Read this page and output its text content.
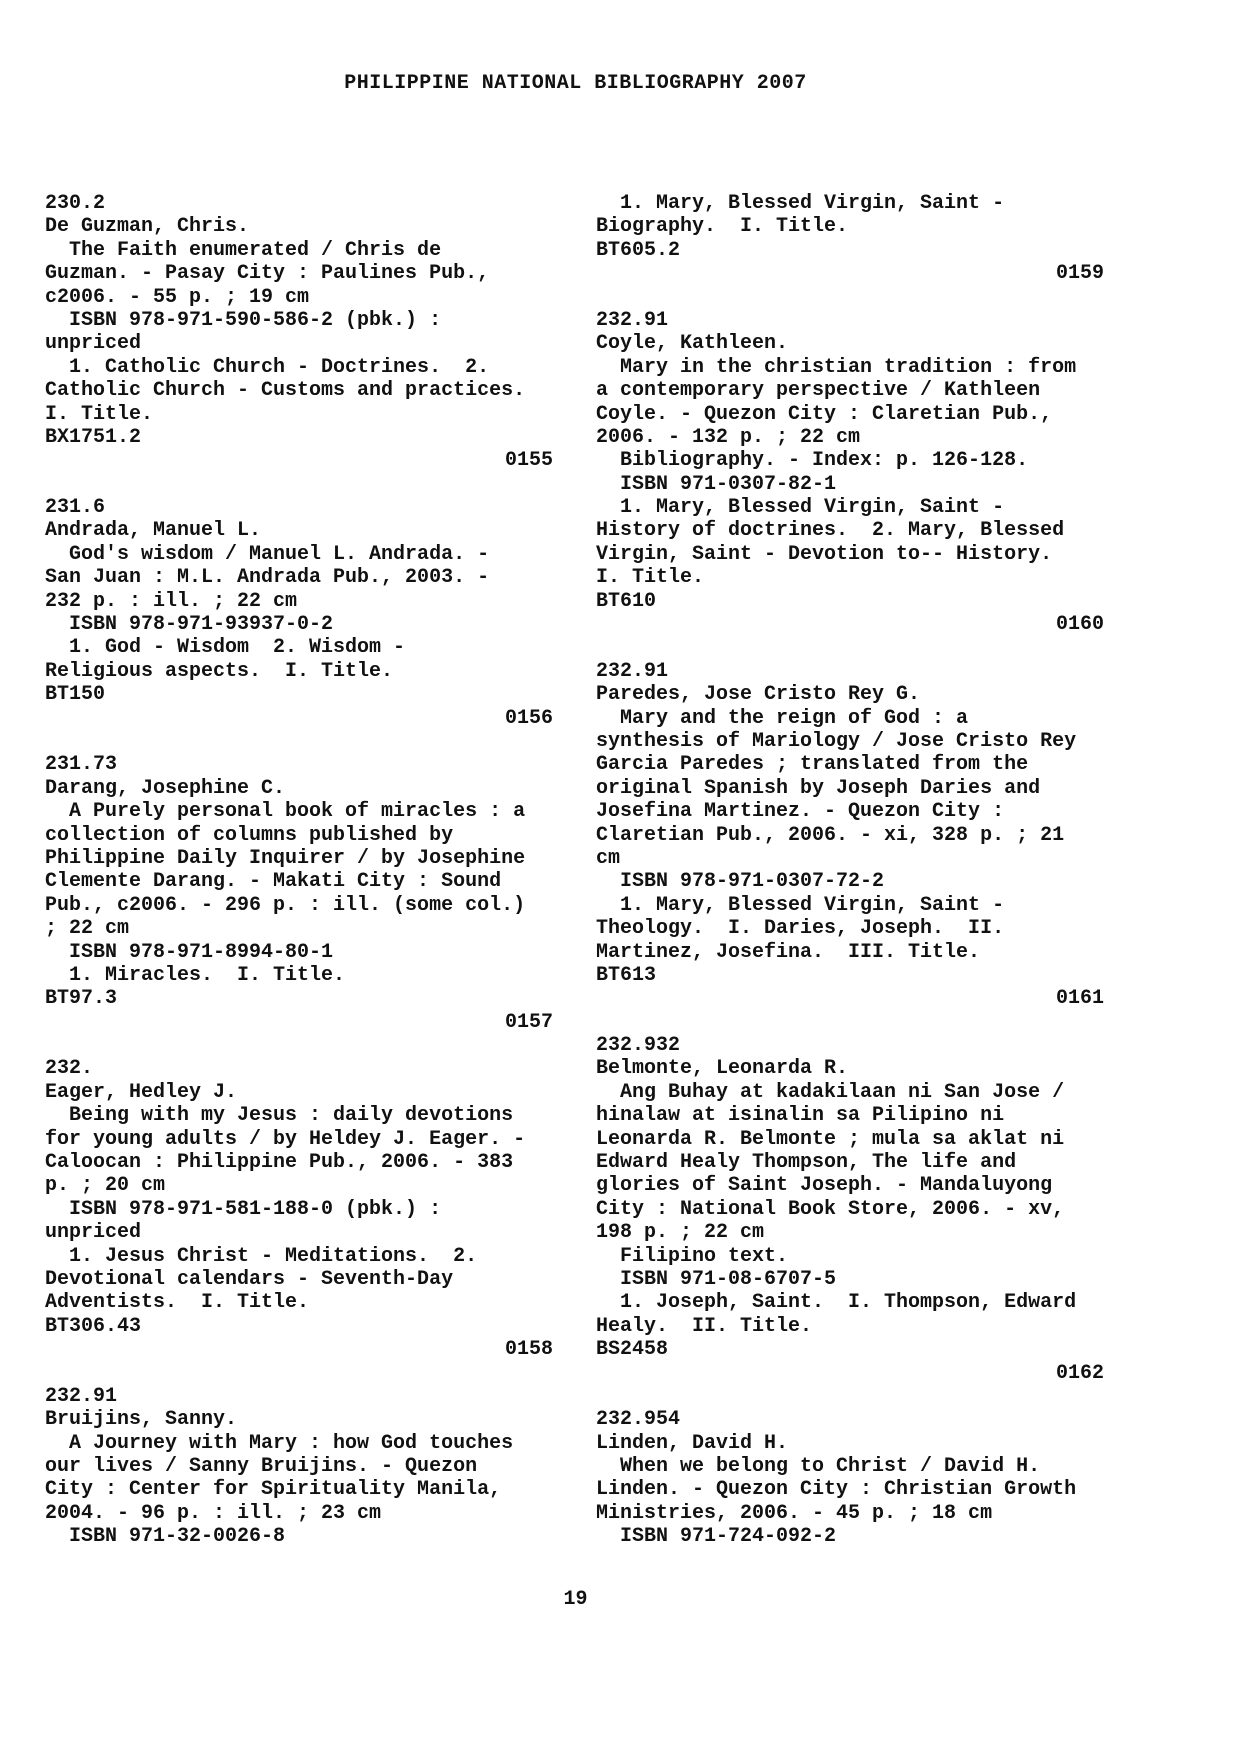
PHILIPPINE NATIONAL BIBLIOGRAPHY 2007
230.2
De Guzman, Chris.
The Faith enumerated / Chris de
Guzman. - Pasay City : Paulines Pub.,
c2006. - 55 p. ; 19 cm
ISBN 978-971-590-586-2 (pbk.) :
unpriced
1. Catholic Church - Doctrines.  2.
Catholic Church - Customs and practices.
I. Title.
BX1751.2
0155
231.6
Andrada, Manuel L.
God's wisdom / Manuel L. Andrada. -
San Juan : M.L. Andrada Pub., 2003. -
232 p. : ill. ; 22 cm
ISBN 978-971-93937-0-2
1. God - Wisdom  2. Wisdom -
Religious aspects.  I. Title.
BT150
0156
231.73
Darang, Josephine C.
A Purely personal book of miracles : a
collection of columns published by
Philippine Daily Inquirer / by Josephine
Clemente Darang. - Makati City : Sound
Pub., c2006. - 296 p. : ill. (some col.)
; 22 cm
ISBN 978-971-8994-80-1
1. Miracles.  I. Title.
BT97.3
0157
232.
Eager, Hedley J.
Being with my Jesus : daily devotions
for young adults / by Heldey J. Eager. -
Caloocan : Philippine Pub., 2006. - 383
p. ; 20 cm
ISBN 978-971-581-188-0 (pbk.) :
unpriced
1. Jesus Christ - Meditations.  2.
Devotional calendars - Seventh-Day
Adventists.  I. Title.
BT306.43
0158
232.91
Bruijins, Sanny.
A Journey with Mary : how God touches
our lives / Sanny Bruijins. - Quezon
City : Center for Spirituality Manila,
2004. - 96 p. : ill. ; 23 cm
ISBN 971-32-0026-8
1. Mary, Blessed Virgin, Saint -
Biography.  I. Title.
BT605.2
0159
232.91
Coyle, Kathleen.
Mary in the christian tradition : from
a contemporary perspective / Kathleen
Coyle. - Quezon City : Claretian Pub.,
2006. - 132 p. ; 22 cm
Bibliography. - Index: p. 126-128.
ISBN 971-0307-82-1
1. Mary, Blessed Virgin, Saint -
History of doctrines.  2. Mary, Blessed
Virgin, Saint - Devotion to-- History.
I. Title.
BT610
0160
232.91
Paredes, Jose Cristo Rey G.
Mary and the reign of God : a
synthesis of Mariology / Jose Cristo Rey
Garcia Paredes ; translated from the
original Spanish by Joseph Daries and
Josefina Martinez. - Quezon City :
Claretian Pub., 2006. - xi, 328 p. ; 21
cm
ISBN 978-971-0307-72-2
1. Mary, Blessed Virgin, Saint -
Theology.  I. Daries, Joseph.  II.
Martinez, Josefina.  III. Title.
BT613
0161
232.932
Belmonte, Leonarda R.
Ang Buhay at kadakilaan ni San Jose /
hinalaw at isinalin sa Pilipino ni
Leonarda R. Belmonte ; mula sa aklat ni
Edward Healy Thompson, The life and
glories of Saint Joseph. - Mandaluyong
City : National Book Store, 2006. - xv,
198 p. ; 22 cm
Filipino text.
ISBN 971-08-6707-5
1. Joseph, Saint.  I. Thompson, Edward
Healy.  II. Title.
BS2458
0162
232.954
Linden, David H.
When we belong to Christ / David H.
Linden. - Quezon City : Christian Growth
Ministries, 2006. - 45 p. ; 18 cm
ISBN 971-724-092-2
19
